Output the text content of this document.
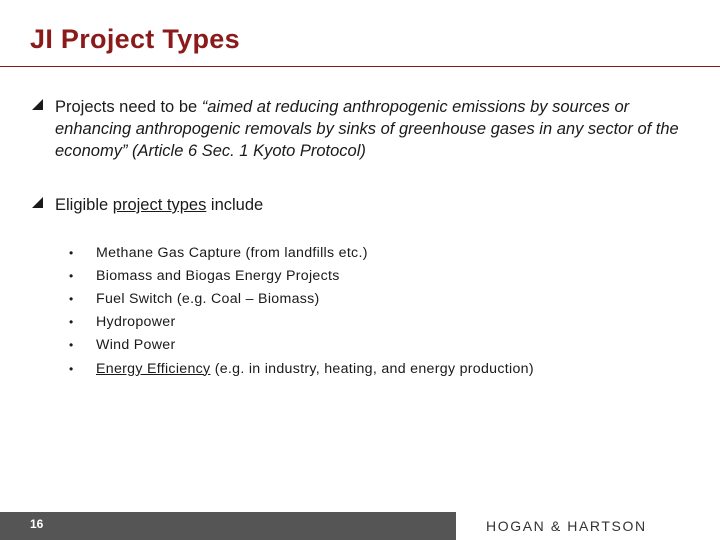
JI Project Types
Projects need to be “aimed at reducing anthropogenic emissions by sources or enhancing anthropogenic removals by sinks of greenhouse gases in any sector of the economy” (Article 6 Sec. 1 Kyoto Protocol)
Eligible project types include
•	Methane Gas Capture (from landfills etc.)
•	Biomass and Biogas Energy Projects
•	Fuel Switch (e.g. Coal – Biomass)
•	Hydropower
•	Wind Power
•	Energy Efficiency (e.g. in industry, heating, and energy production)
16	HOGAN & HARTSON
